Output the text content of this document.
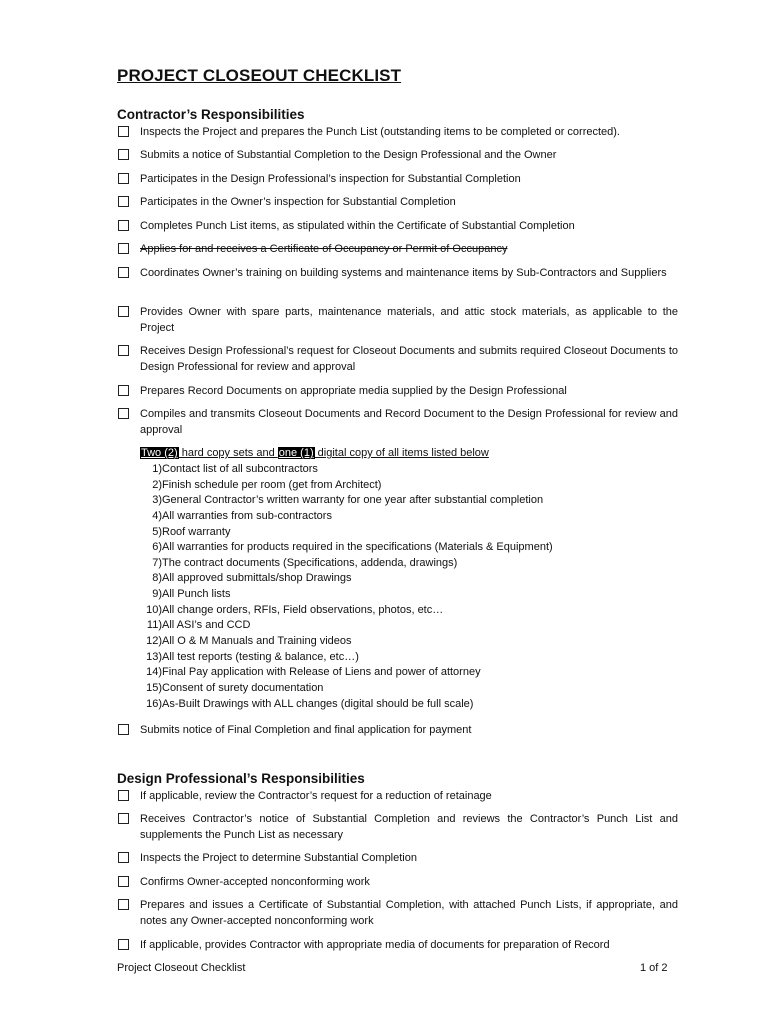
PROJECT CLOSEOUT CHECKLIST
Contractor’s Responsibilities
Inspects the Project and prepares the Punch List (outstanding items to be completed or corrected).
Submits a notice of Substantial Completion to the Design Professional and the Owner
Participates in the Design Professional’s inspection for Substantial Completion
Participates in the Owner’s inspection for Substantial Completion
Completes Punch List items, as stipulated within the Certificate of Substantial Completion
Applies for and receives a Certificate of Occupancy or Permit of Occupancy
Coordinates Owner’s training on building systems and maintenance items by Sub-Contractors and Suppliers
Provides Owner with spare parts, maintenance materials, and attic stock materials, as applicable to the Project
Receives Design Professional’s request for Closeout Documents and submits required Closeout Documents to Design Professional for review and approval
Prepares Record Documents on appropriate media supplied by the Design Professional
Compiles and transmits Closeout Documents and Record Document to the Design Professional for review and approval
Two (2) hard copy sets and one (1) digital copy of all items listed below
1) Contact list of all subcontractors
2) Finish schedule per room (get from Architect)
3) General Contractor’s written warranty for one year after substantial completion
4) All warranties from sub-contractors
5) Roof warranty
6) All warranties for products required in the specifications (Materials & Equipment)
7) The contract documents (Specifications, addenda, drawings)
8) All approved submittals/shop Drawings
9) All Punch lists
10) All change orders, RFIs, Field observations, photos, etc…
11) All ASI’s and CCD
12) All O & M Manuals and Training videos
13) All test reports (testing & balance, etc…)
14) Final Pay application with Release of Liens and power of attorney
15) Consent of surety documentation
16) As-Built Drawings with ALL changes (digital should be full scale)
Submits notice of Final Completion and final application for payment
Design Professional’s Responsibilities
If applicable, review the Contractor’s request for a reduction of retainage
Receives Contractor’s notice of Substantial Completion and reviews the Contractor’s Punch List and supplements the Punch List as necessary
Inspects the Project to determine Substantial Completion
Confirms Owner-accepted nonconforming work
Prepares and issues a Certificate of Substantial Completion, with attached Punch Lists, if appropriate, and notes any Owner-accepted nonconforming work
If applicable, provides Contractor with appropriate media of documents for preparation of Record
Project Closeout Checklist	1 of 2
